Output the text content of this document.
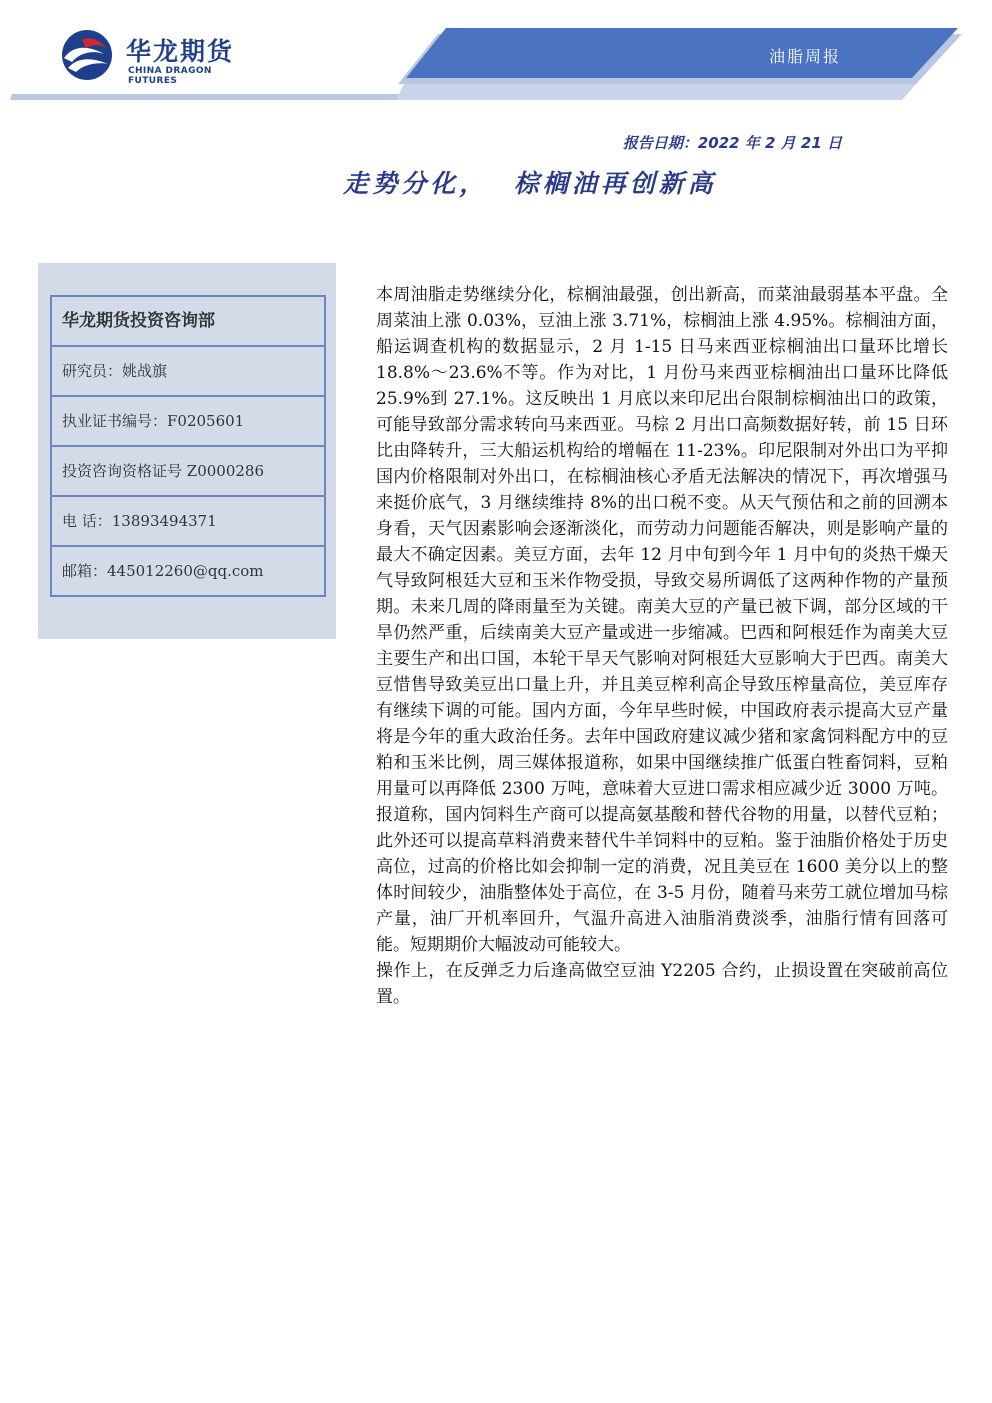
华龙期货
CHINA DRAGON FUTURES
油脂周报
报告日期：2022 年 2 月 21 日
走势分化，  棕榈油再创新高
华龙期货投资咨询部
研究员：姚战旗
执业证书编号：F0205601
投资咨询资格证号 Z0000286
电 话：13893494371
邮箱：445012260@qq.com

本周油脂走势继续分化，棕榈油最强，创出新高，而菜油最弱基本平盘。全周菜油上涨 0.03%，豆油上涨 3.71%，棕榈油上涨 4.95%。棕榈油方面，船运调查机构的数据显示，2 月 1-15 日马来西亚棕榈油出口量环比增长 18.8%～23.6%不等。作为对比，1 月份马来西亚棕榈油出口量环比降低 25.9%到 27.1%。这反映出 1 月底以来印尼出台限制棕榈油出口的政策，可能导致部分需求转向马来西亚。马棕 2 月出口高频数据好转，前 15 日环比由降转升，三大船运机构给的增幅在 11-23%。印尼限制对外出口为平抑国内价格限制对外出口，在棕榈油核心矛盾无法解决的情况下，再次增强马来挺价底气，3 月继续维持 8%的出口税不变。从天气预估和之前的回溯本身看，天气因素影响会逐渐淡化，而劳动力问题能否解决，则是影响产量的最大不确定因素。美豆方面，去年 12 月中旬到今年 1 月中旬的炎热干燥天气导致阿根廷大豆和玉米作物受损，导致交易所调低了这两种作物的产量预期。未来几周的降雨量至为关键。南美大豆的产量已被下调，部分区域的干旱仍然严重，后续南美大豆产量或进一步缩减。巴西和阿根廷作为南美大豆主要生产和出口国，本轮干旱天气影响对阿根廷大豆影响大于巴西。南美大豆惜售导致美豆出口量上升，并且美豆榨利高企导致压榨量高位，美豆库存有继续下调的可能。国内方面，今年早些时候，中国政府表示提高大豆产量将是今年的重大政治任务。去年中国政府建议减少猪和家禽饲料配方中的豆粕和玉米比例，周三媒体报道称，如果中国继续推广低蛋白牲畜饲料，豆粕用量可以再降低 2300 万吨，意味着大豆进口需求相应减少近 3000 万吨。报道称，国内饲料生产商可以提高氨基酸和替代谷物的用量，以替代豆粕；此外还可以提高草料消费来替代牛羊饲料中的豆粕。鉴于油脂价格处于历史高位，过高的价格比如会抑制一定的消费，况且美豆在 1600 美分以上的整体时间较少，油脂整体处于高位，在 3-5 月份，随着马来劳工就位增加马棕产量，油厂开机率回升，气温升高进入油脂消费淡季，油脂行情有回落可能。短期期价大幅波动可能较大。

操作上，在反弹乏力后逢高做空豆油 Y2205 合约，止损设置在突破前高位置。
